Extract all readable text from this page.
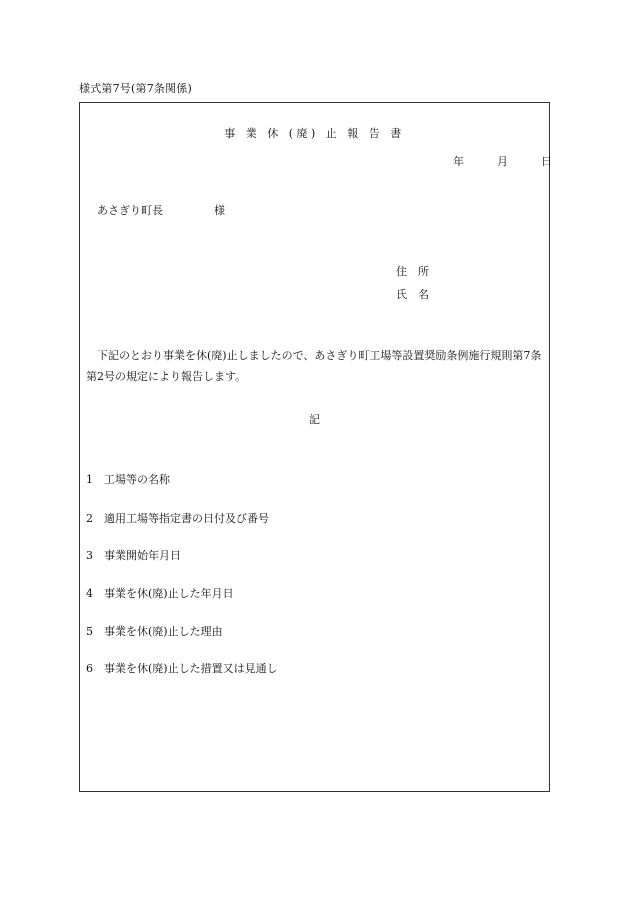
様式第7号(第7条関係)
事 業 休 (廃) 止 報 告 書
年	月	日
あさぎり町長	様
住　所
氏　名
下記のとおり事業を休(廃)止しましたので、あさぎり町工場等設置奨励条例施行規則第7条第2号の規定により報告します。
記
1 工場等の名称
2 適用工場等指定書の日付及び番号
3 事業開始年月日
4 事業を休(廃)止した年月日
5 事業を休(廃)止した理由
6 事業を休(廃)止した措置又は見通し
